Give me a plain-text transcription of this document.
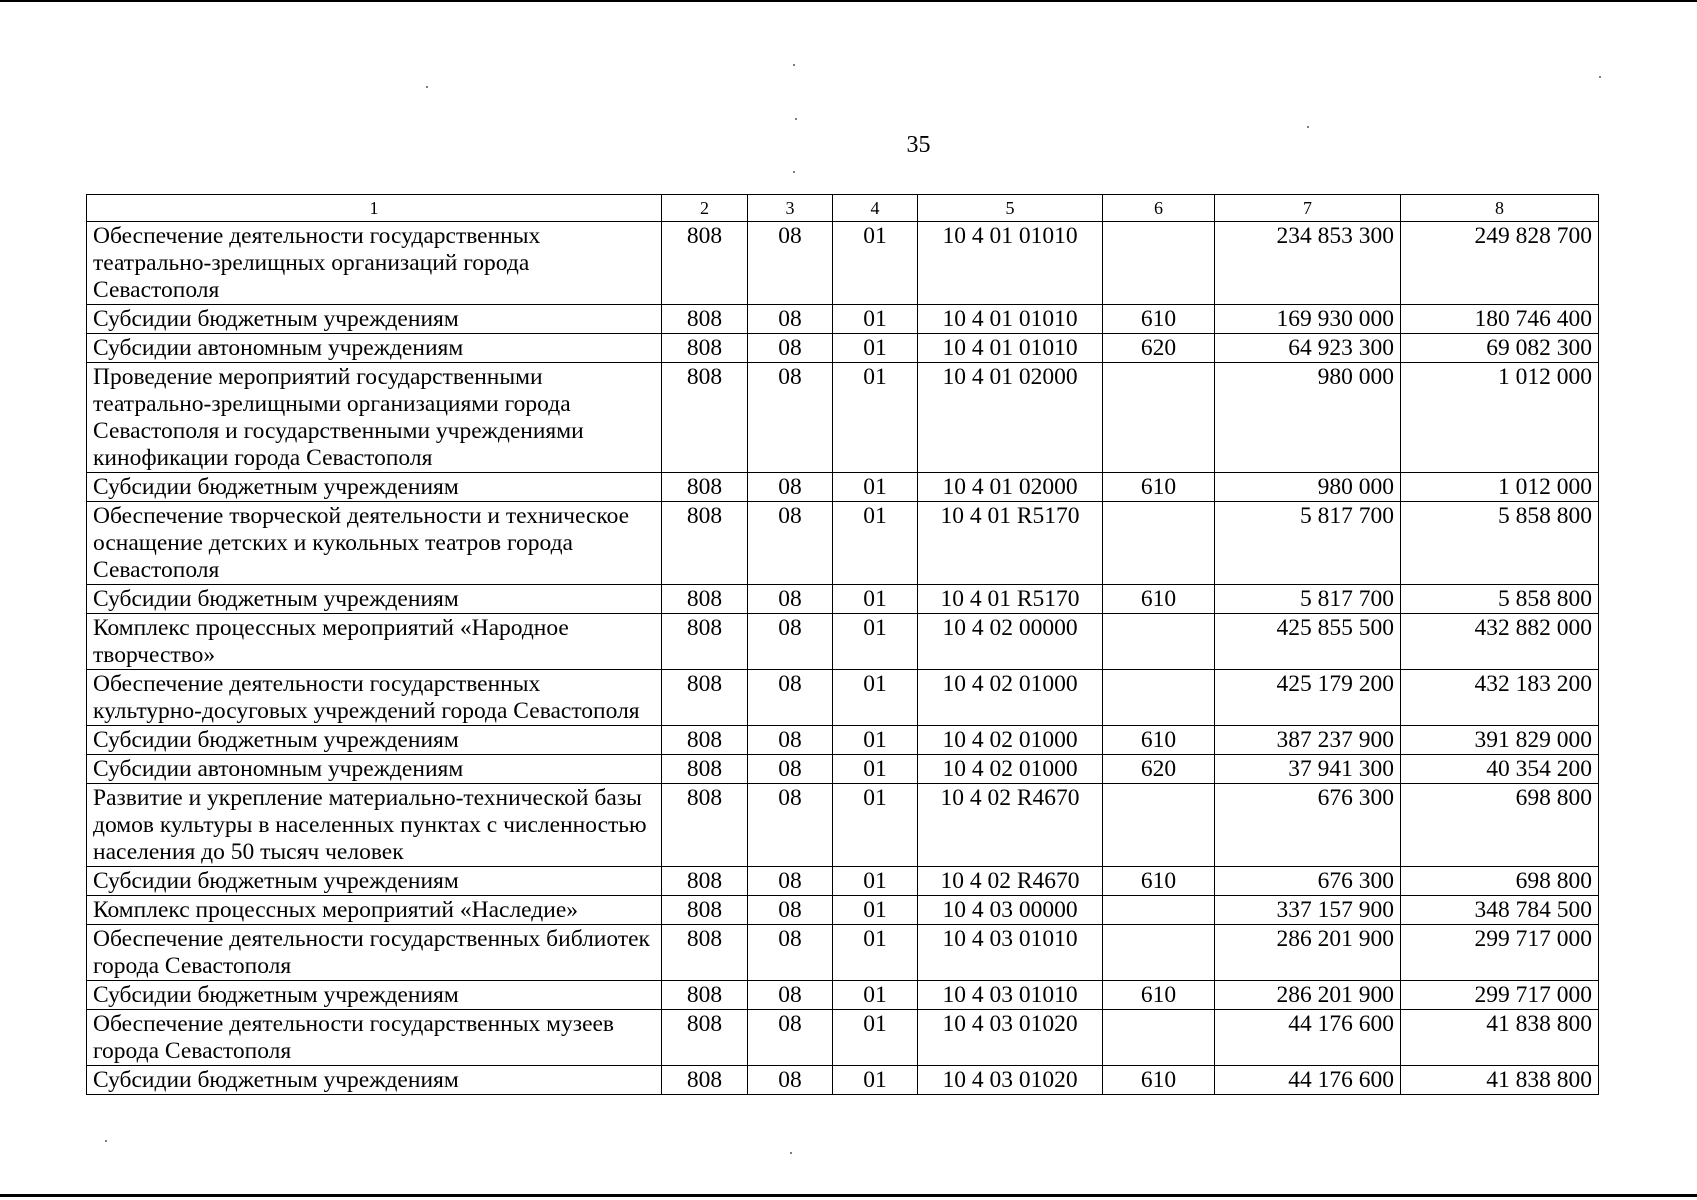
35
1	2	3	4	5	6	7	8
Обеспечение деятельности государственных театрально-зрелищных организаций города Севастополя	808	08	01	10 4 01 01010		234 853 300	249 828 700
Субсидии бюджетным учреждениям	808	08	01	10 4 01 01010	610	169 930 000	180 746 400
Субсидии автономным учреждениям	808	08	01	10 4 01 01010	620	64 923 300	69 082 300
Проведение мероприятий государственными театрально-зрелищными организациями города Севастополя и государственными учреждениями кинофикации города Севастополя	808	08	01	10 4 01 02000		980 000	1 012 000
Субсидии бюджетным учреждениям	808	08	01	10 4 01 02000	610	980 000	1 012 000
Обеспечение творческой деятельности и техническое оснащение детских и кукольных театров города Севастополя	808	08	01	10 4 01 R5170		5 817 700	5 858 800
Субсидии бюджетным учреждениям	808	08	01	10 4 01 R5170	610	5 817 700	5 858 800
Комплекс процессных мероприятий «Народное творчество»	808	08	01	10 4 02 00000		425 855 500	432 882 000
Обеспечение деятельности государственных культурно-досуговых учреждений города Севастополя	808	08	01	10 4 02 01000		425 179 200	432 183 200
Субсидии бюджетным учреждениям	808	08	01	10 4 02 01000	610	387 237 900	391 829 000
Субсидии автономным учреждениям	808	08	01	10 4 02 01000	620	37 941 300	40 354 200
Развитие и укрепление материально-технической базы домов культуры в населенных пунктах с численностью населения до 50 тысяч человек	808	08	01	10 4 02 R4670		676 300	698 800
Субсидии бюджетным учреждениям	808	08	01	10 4 02 R4670	610	676 300	698 800
Комплекс процессных мероприятий «Наследие»	808	08	01	10 4 03 00000		337 157 900	348 784 500
Обеспечение деятельности государственных библиотек города Севастополя	808	08	01	10 4 03 01010		286 201 900	299 717 000
Субсидии бюджетным учреждениям	808	08	01	10 4 03 01010	610	286 201 900	299 717 000
Обеспечение деятельности государственных музеев города Севастополя	808	08	01	10 4 03 01020		44 176 600	41 838 800
Субсидии бюджетным учреждениям	808	08	01	10 4 03 01020	610	44 176 600	41 838 800
